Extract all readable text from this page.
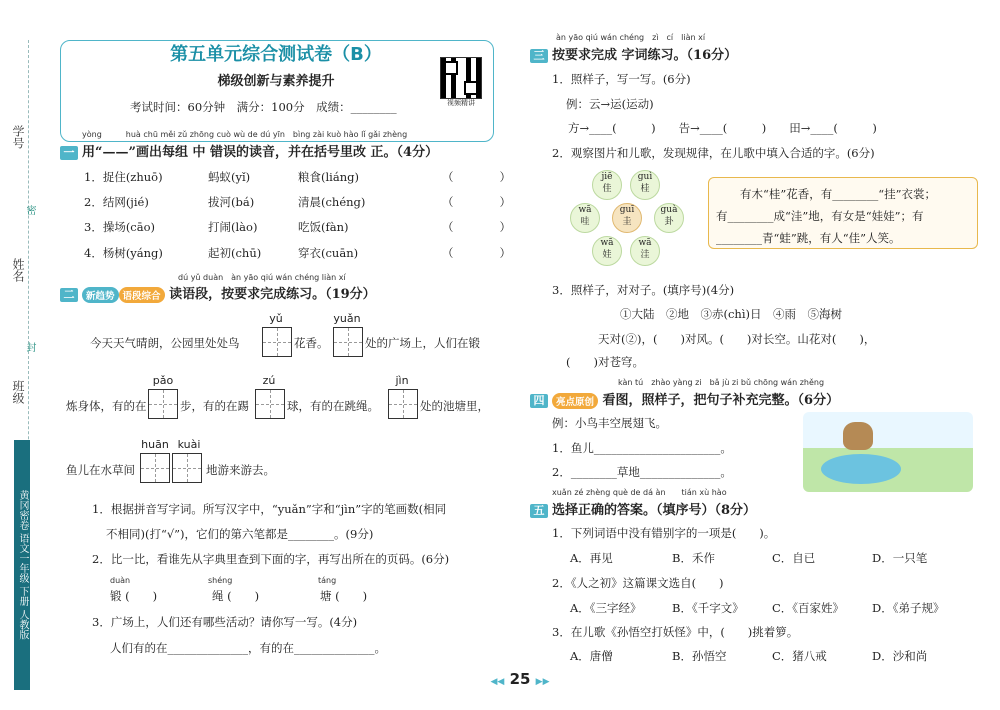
学号
密
姓名
封
班级
黄冈密卷 语文一年级 下册 人教版
第五单元综合测试卷（B）
梯级创新与素养提升
考试时间：60分钟　满分：100分　成绩：________	视频精讲
yòng　　　huà chū měi zǔ zhōng cuò wù de dú yīn　bìng zài kuò hào lǐ gǎi zhèng
一 用“——”画出每组 中 错误的读音，并在括号里改 正。（4分）
1．捉住(zhuō)	蚂蚁(yǐ)	粮食(liáng)	（　　　　）
2．结网(jié)	拔河(bá)	清晨(chéng)	（　　　　）
3．操场(cāo)	打闹(lào)	吃饭(fàn)	（　　　　）
4．杨树(yáng)	起初(chū)	穿衣(cuān)	（　　　　）
dú yǔ duàn　àn yāo qiú wán chéng liàn xí
二 新趋势 语段综合 读语段，按要求完成练习。（19分）
yǔ	yuǎn
今天天气晴朗，公园里处处鸟	花香。	处的广场上，人们在锻
pǎo	zú	jìn
炼身体，有的在	步，有的在踢	球，有的在跳绳。	处的池塘里，
huān kuài
鱼儿在水草间	地游来游去。
1．根据拼音写字词。所写汉字中，“yuǎn”字和“jìn”字的笔画数(相同
不相同)(打“√”)，它们的第六笔都是________。(9分)
2．比一比，看谁先从字典里查到下面的字，再写出所在的页码。(6分)
duàn	shéng	táng
锻 (　　)	绳 (　　)	塘 (　　)
3．广场上，人们还有哪些活动？请你写一写。(4分)
人们有的在______________，有的在______________。
àn yāo qiú wán chéng　zì　cí　liàn xí
三 按要求完成 字词练习。（16分）
1．照样子，写一写。(6分)
例：云→运(运动)
方→____(　　　)　　告→____(　　　)　　田→____(　　　)
2．观察图片和儿歌，发现规律，在儿歌中填入合适的字。(6分)
jiē
佳
guì
桂
wā
哇
guī
圭
guà
卦
wā
娃
wā
洼
有木“桂”花香，有________“挂”衣裳；
有________成“洼”地，有女是“娃娃”；有
________青“蛙”跳，有人“佳”人笑。
3．照样子，对对子。(填序号)(4分)
①大陆　②地　③赤(chì)日　④雨　⑤海树
天对(②)，(　　)对风。(　　)对长空。山花对(　　)，
(　　)对苍穹。
kàn tú　zhào yàng zi　bǎ jù zi bǔ chōng wán zhěng
四 亮点原创 看图，照样子，把句子补充完整。（6分）
例：小鸟丰空展翅飞。
1．鱼儿______________________。
2．________草地______________。
xuǎn zé zhèng què de dá àn　　tián xù hào
五 选择正确的答案。（填序号）（8分）
1．下列词语中没有错别字的一项是(　　)。
A．再见	B．禾作	C．自已	D．一只笔
2．《人之初》这篇课文选自(　　)
A．《三字经》	B．《千字文》 C．《百家姓》 D．《弟子规》
3．在儿歌《孙悟空打妖怪》中，(　　)挑着箩。
A．唐僧	B．孙悟空	C．猪八戒	D．沙和尚
◀◀ 25 ▶▶
